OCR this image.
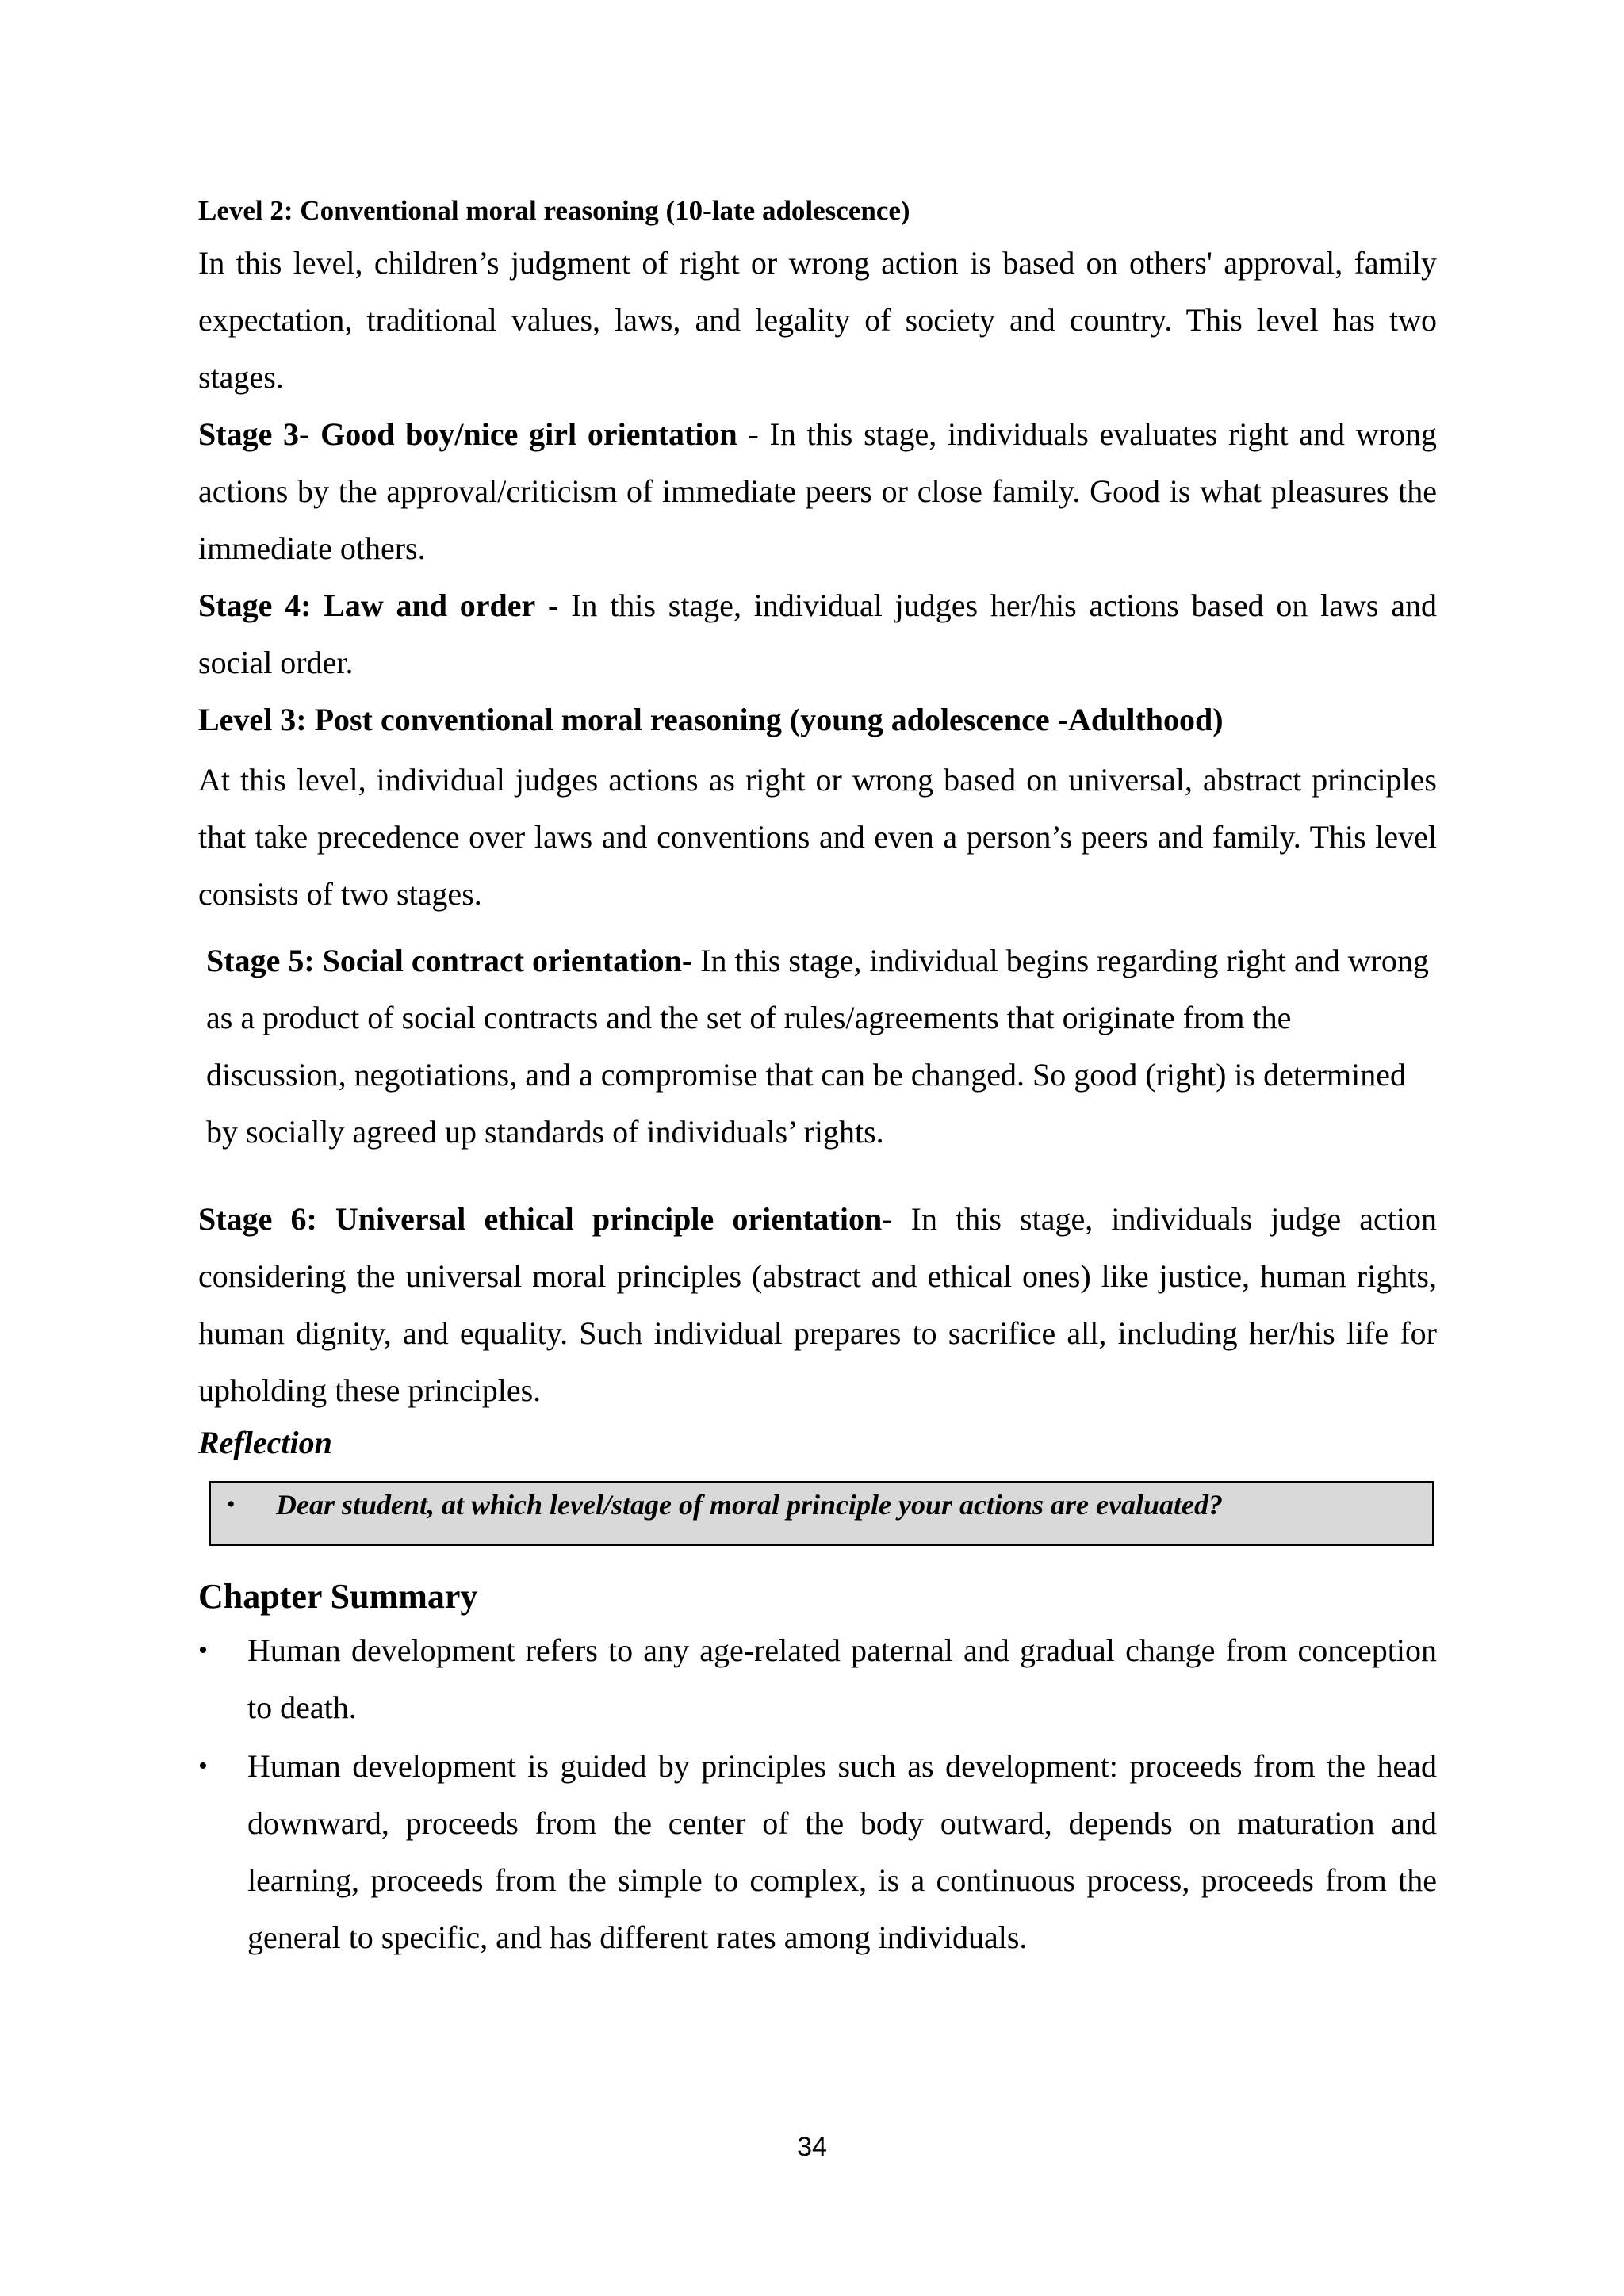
Level 2: Conventional moral reasoning (10-late adolescence)

In this level, children’s judgment of right or wrong action is based on others' approval, family expectation, traditional values, laws, and legality of society and country. This level has two stages.

Stage 3- Good boy/nice girl orientation - In this stage, individuals evaluates right and wrong actions by the approval/criticism of immediate peers or close family. Good is what pleasures the immediate others.

Stage 4: Law and order - In this stage, individual judges her/his actions based on laws and social order.

Level 3: Post conventional moral reasoning (young adolescence -Adulthood)

At this level, individual judges actions as right or wrong based on universal, abstract principles that take precedence over laws and conventions and even a person’s peers and family. This level consists of two stages.

Stage 5: Social contract orientation- In this stage, individual begins regarding right and wrong as a product of social contracts and the set of rules/agreements that originate from the discussion, negotiations, and a compromise that can be changed. So good (right) is determined by socially agreed up standards of individuals’ rights.

Stage 6: Universal ethical principle orientation- In this stage, individuals judge action considering the universal moral principles (abstract and ethical ones) like justice, human rights, human dignity, and equality. Such individual prepares to sacrifice all, including her/his life for upholding these principles.

Reflection

•	Dear student, at which level/stage of moral principle your actions are evaluated?

Chapter Summary

•	Human development refers to any age-related paternal and gradual change from conception to death.
•	Human development is guided by principles such as development: proceeds from the head downward, proceeds from the center of the body outward, depends on maturation and learning, proceeds from the simple to complex, is a continuous process, proceeds from the general to specific, and has different rates among individuals.
34
